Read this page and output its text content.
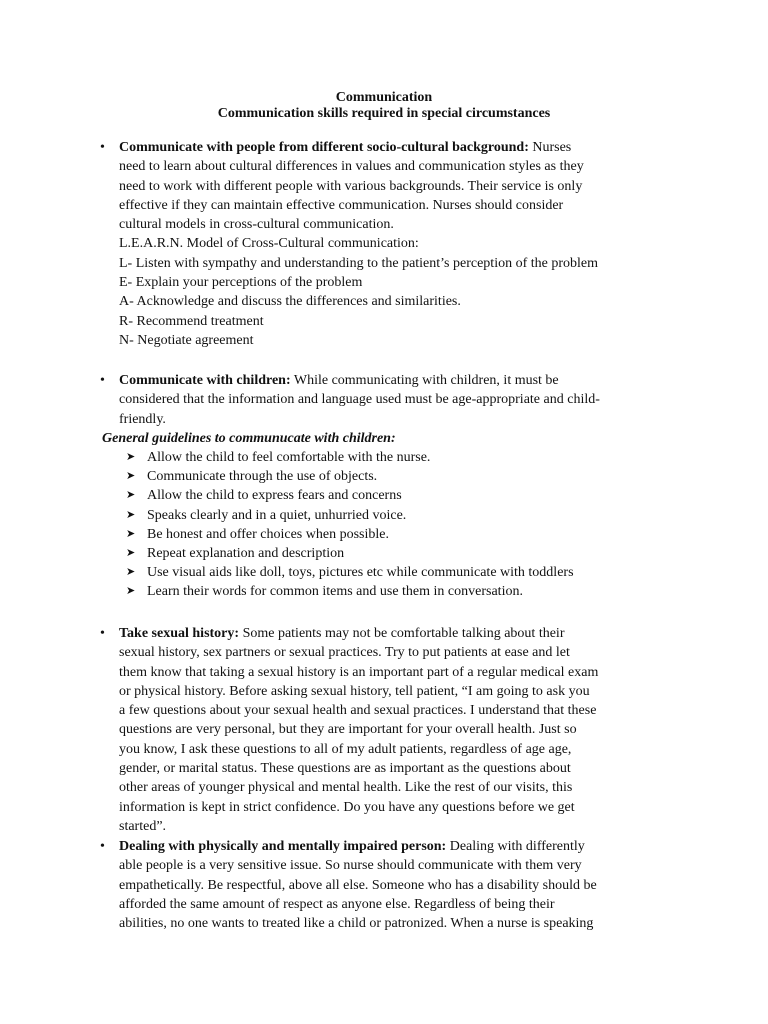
Communication
Communication skills required in special circumstances
• Communicate with people from different socio-cultural background: Nurses
need to learn about cultural differences in values and communication styles as they
need to work with different people with various backgrounds. Their service is only
effective if they can maintain effective communication. Nurses should consider
cultural models in cross-cultural communication.
L.E.A.R.N. Model of Cross-Cultural communication:
L- Listen with sympathy and understanding to the patient’s perception of the problem
E- Explain your perceptions of the problem
A- Acknowledge and discuss the differences and similarities.
R- Recommend treatment
N- Negotiate agreement
• Communicate with children: While communicating with children, it must be
considered that the information and language used must be age-appropriate and child-
friendly.
General guidelines to communucate with children:
➤ Allow the child to feel comfortable with the nurse.
➤ Communicate through the use of objects.
➤ Allow the child to express fears and concerns
➤ Speaks clearly and in a quiet, unhurried voice.
➤ Be honest and offer choices when possible.
➤ Repeat explanation and description
➤ Use visual aids like doll, toys, pictures etc while communicate with toddlers
➤ Learn their words for common items and use them in conversation.
• Take sexual history: Some patients may not be comfortable talking about their
sexual history, sex partners or sexual practices. Try to put patients at ease and let
them know that taking a sexual history is an important part of a regular medical exam
or physical history. Before asking sexual history, tell patient, “I am going to ask you
a few questions about your sexual health and sexual practices. I understand that these
questions are very personal, but they are important for your overall health. Just so
you know, I ask these questions to all of my adult patients, regardless of age age,
gender, or marital status. These questions are as important as the questions about
other areas of younger physical and mental health. Like the rest of our visits, this
information is kept in strict confidence. Do you have any questions before we get
started”.
• Dealing with physically and mentally impaired person: Dealing with differently
able people is a very sensitive issue. So nurse should communicate with them very
empathetically. Be respectful, above all else. Someone who has a disability should be
afforded the same amount of respect as anyone else. Regardless of being their
abilities, no one wants to treated like a child or patronized. When a nurse is speaking
